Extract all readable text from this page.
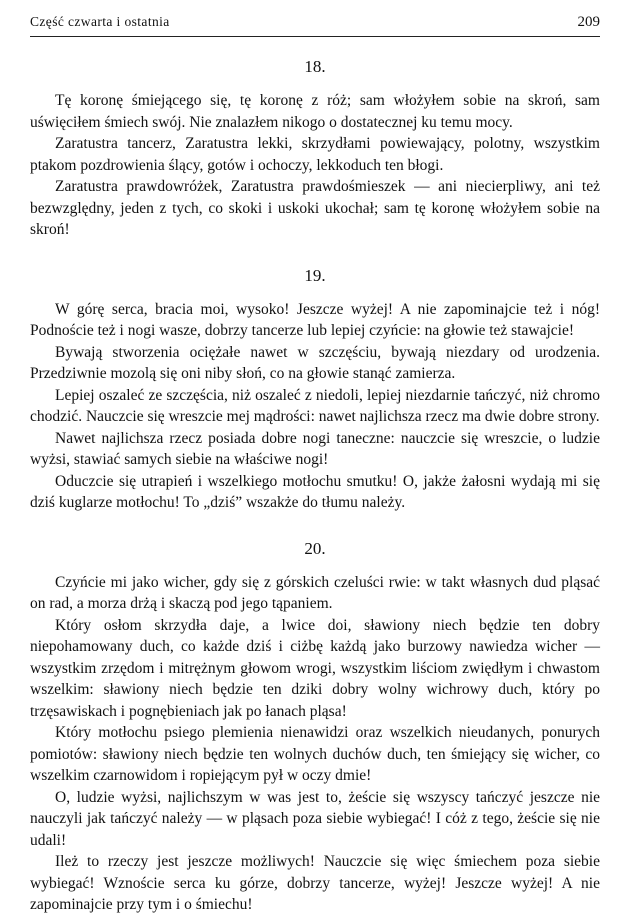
Część czwarta i ostatnia	209
18.

Tę koronę śmiejącego się, tę koronę z róż; sam włożyłem sobie na skroń, sam uświęciłem śmiech swój. Nie znalazłem nikogo o dostatecznej ku temu mocy.

Zaratustra tancerz, Zaratustra lekki, skrzydłami powiewający, polotny, wszystkim ptakom pozdrowienia ślący, gotów i ochoczy, lekkoduch ten błogi.

Zaratustra prawdowróżek, Zaratustra prawdośmieszek — ani niecierpliwy, ani też bezwzględny, jeden z tych, co skoki i uskoki ukochał; sam tę koronę włożyłem sobie na skroń!

19.

W górę serca, bracia moi, wysoko! Jeszcze wyżej! A nie zapominajcie też i nóg! Podnoście też i nogi wasze, dobrzy tancerze lub lepiej czyńcie: na głowie też stawajcie!

Bywają stworzenia ociężałe nawet w szczęściu, bywają niezdary od urodzenia. Przedziwnie mozolą się oni niby słoń, co na głowie stanąć zamierza.

Lepiej oszaleć ze szczęścia, niż oszaleć z niedoli, lepiej niezdarnie tańczyć, niż chromo chodzić. Nauczcie się wreszcie mej mądrości: nawet najlichsza rzecz ma dwie dobre strony.

Nawet najlichsza rzecz posiada dobre nogi taneczne: nauczcie się wreszcie, o ludzie wyżsi, stawiać samych siebie na właściwe nogi!

Oduczcie się utrapień i wszelkiego motłochu smutku! O, jakże żałosni wydają mi się dziś kuglarze motłochu! To „dziś” wszakże do tłumu należy.

20.

Czyńcie mi jako wicher, gdy się z górskich czeluści rwie: w takt własnych dud pląsać on rad, a morza drżą i skaczą pod jego tąpaniem.

Który osłom skrzydła daje, a lwice doi, sławiony niech będzie ten dobry niepohamowany duch, co każde dziś i ciżbę każdą jako burzowy nawiedza wicher — wszystkim zrzędom i mitrężnym głowom wrogi, wszystkim liściom zwiędłym i chwastom wszelkim: sławiony niech będzie ten dziki dobry wolny wichrowy duch, który po trzęsawiskach i pognębieniach jak po łanach pląsa!

Który motłochu psiego plemienia nienawidzi oraz wszelkich nieudanych, ponurych pomiotów: sławiony niech będzie ten wolnych duchów duch, ten śmiejący się wicher, co wszelkim czarnowidom i ropiejącym pył w oczy dmie!

O, ludzie wyżsi, najlichszym w was jest to, żeście się wszyscy tańczyć jeszcze nie nauczyli jak tańczyć należy — w pląsach poza siebie wybiegać! I cóż z tego, żeście się nie udali!

Ileż to rzeczy jest jeszcze możliwych! Nauczcie się więc śmiechem poza siebie wybiegać! Wznoście serca ku górze, dobrzy tancerze, wyżej! Jeszcze wyżej! A nie zapominajcie przy tym i o śmiechu!
